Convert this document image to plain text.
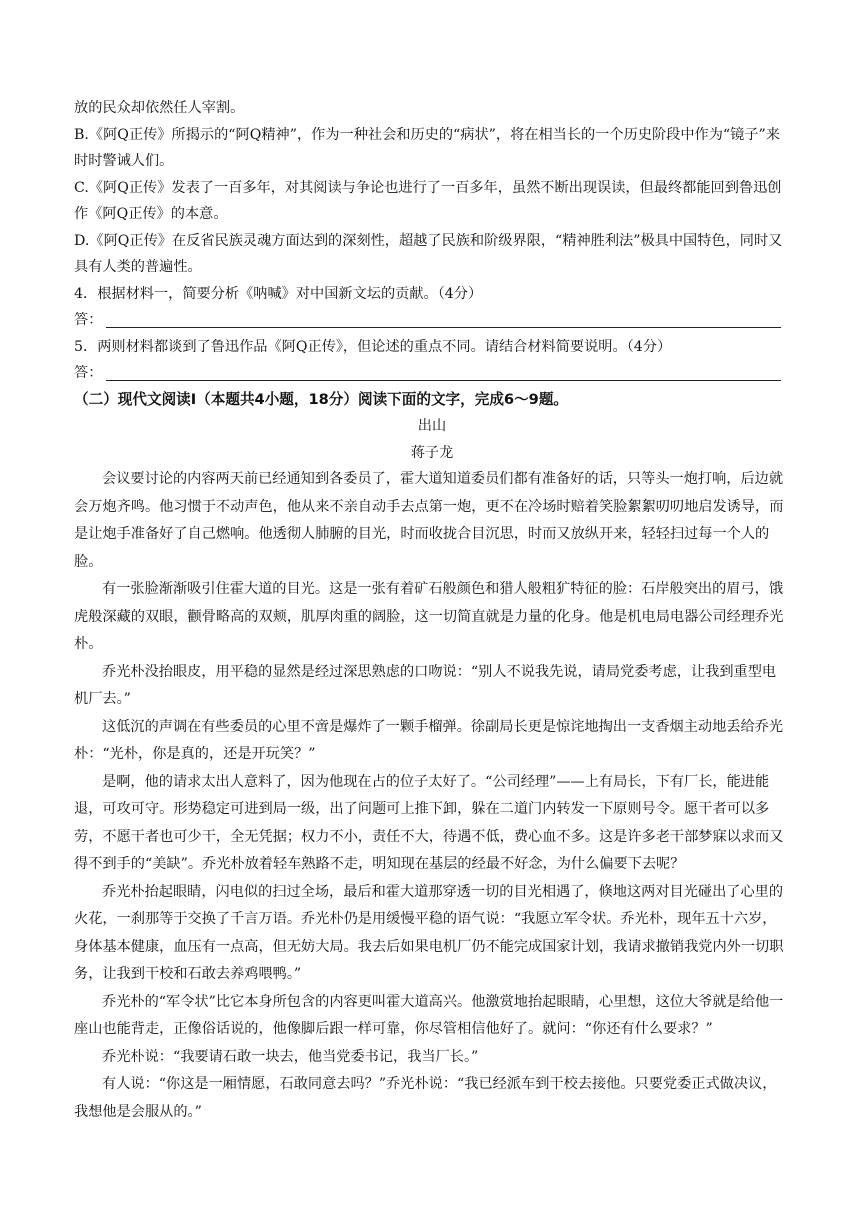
放的民众却依然任人宰割。

B.《阿Q正传》所揭示的“阿Q精神”，作为一种社会和历史的“病状”，将在相当长的一个历史阶段中作为“镜子”来时时警诫人们。

C.《阿Q正传》发表了一百多年，对其阅读与争论也进行了一百多年，虽然不断出现误读，但最终都能回到鲁迅创作《阿Q正传》的本意。

D.《阿Q正传》在反省民族灵魂方面达到的深刻性，超越了民族和阶级界限，“精神胜利法”极具中国特色，同时又具有人类的普遍性。

4．根据材料一，简要分析《呐喊》对中国新文坛的贡献。（4分）

答：

5．两则材料都谈到了鲁迅作品《阿Q正传》，但论述的重点不同。请结合材料简要说明。（4分）

答：

（二）现代文阅读Ⅰ（本题共4小题，18分）阅读下面的文字，完成6～9题。

出山

蒋子龙

会议要讨论的内容两天前已经通知到各委员了，霍大道知道委员们都有准备好的话，只等头一炮打响，后边就会万炮齐鸣。他习惯于不动声色，他从来不亲自动手去点第一炮，更不在冷场时赔着笑脸絮絮叨叨地启发诱导，而是让炮手准备好了自己燃响。他透彻人肺腑的目光，时而收拢合目沉思，时而又放纵开来，轻轻扫过每一个人的脸。

有一张脸渐渐吸引住霍大道的目光。这是一张有着矿石般颜色和猎人般粗犷特征的脸：石岸般突出的眉弓，饿虎般深藏的双眼，颧骨略高的双颊，肌厚肉重的阔脸，这一切简直就是力量的化身。他是机电局电器公司经理乔光朴。

乔光朴没抬眼皮，用平稳的显然是经过深思熟虑的口吻说：“别人不说我先说，请局党委考虑，让我到重型电机厂去。”

这低沉的声调在有些委员的心里不啻是爆炸了一颗手榴弹。徐副局长更是惊诧地掏出一支香烟主动地丢给乔光朴：“光朴，你是真的，还是开玩笑？”

是啊，他的请求太出人意料了，因为他现在占的位子太好了。“公司经理”——上有局长，下有厂长，能进能退，可攻可守。形势稳定可进到局一级，出了问题可上推下卸，躲在二道门内转发一下原则号令。愿干者可以多劳，不愿干者也可少干，全无凭据；权力不小，责任不大，待遇不低，费心血不多。这是许多老干部梦寐以求而又得不到手的“美缺”。乔光朴放着轻车熟路不走，明知现在基层的经最不好念，为什么偏要下去呢？

乔光朴抬起眼睛，闪电似的扫过全场，最后和霍大道那穿透一切的目光相遇了，倏地这两对目光碰出了心里的火花，一刹那等于交换了千言万语。乔光朴仍是用缓慢平稳的语气说：“我愿立军令状。乔光朴，现年五十六岁，身体基本健康，血压有一点高，但无妨大局。我去后如果电机厂仍不能完成国家计划，我请求撤销我党内外一切职务，让我到干校和石敢去养鸡喂鸭。”

乔光朴的“军令状”比它本身所包含的内容更叫霍大道高兴。他激赏地抬起眼睛，心里想，这位大爷就是给他一座山也能背走，正像俗话说的，他像脚后跟一样可靠，你尽管相信他好了。就问：“你还有什么要求？”

乔光朴说：“我要请石敢一块去，他当党委书记，我当厂长。”

有人说：“你这是一厢情愿，石敢同意去吗？”乔光朴说：“我已经派车到干校去接他。只要党委正式做决议，我想他是会服从的。”
